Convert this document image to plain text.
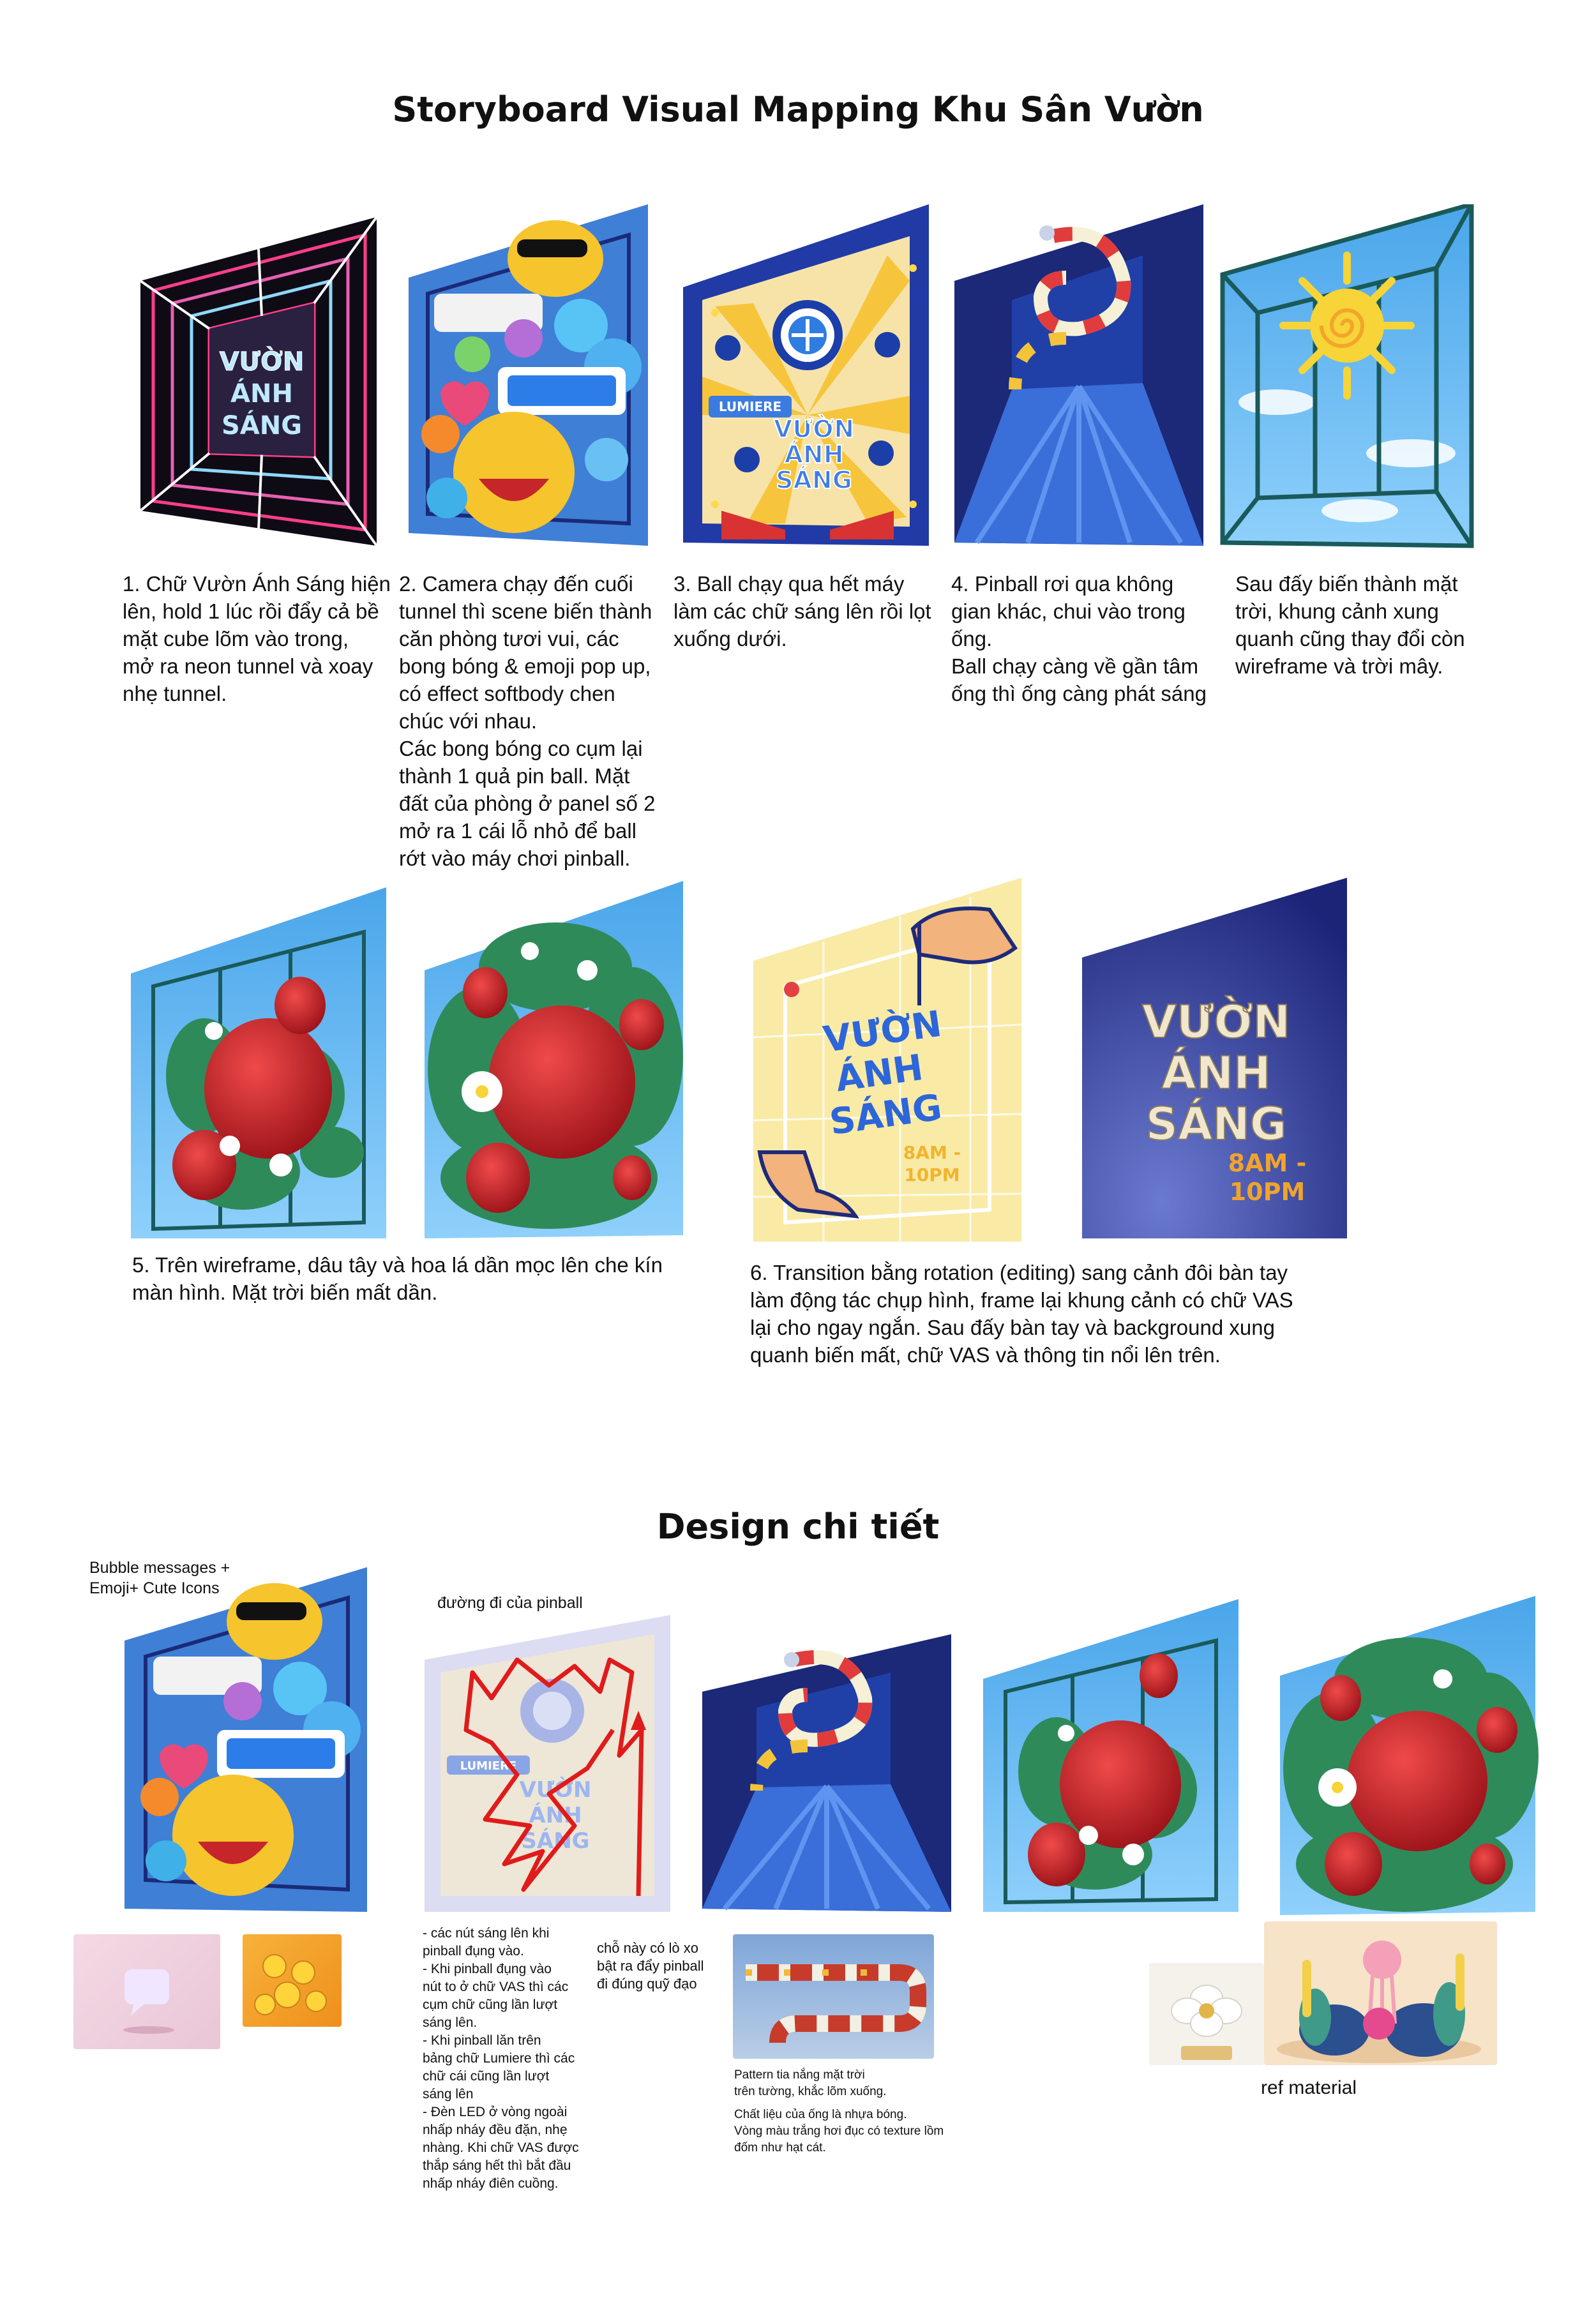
Storyboard Visual Mapping Khu Sân Vườn
VƯỜN
ÁNH
SÁNG
LUMIERE
VƯỜN
ÁNH
SÁNG
1. Chữ Vườn Ánh Sáng hiện
lên, hold 1 lúc rồi đẩy cả bề
mặt cube lõm vào trong,
mở ra neon tunnel và xoay
nhẹ tunnel.
2. Camera chạy đến cuối
tunnel thì scene biến thành
căn phòng tươi vui, các
bong bóng & emoji pop up,
có effect softbody chen
chúc với nhau.
Các bong bóng co cụm lại
thành 1 quả pin ball. Mặt
đất của phòng ở panel số 2
mở ra 1 cái lỗ nhỏ để ball
rớt vào máy chơi pinball.
3. Ball chạy qua hết máy
làm các chữ sáng lên rồi lọt
xuống dưới.
4. Pinball rơi qua không
gian khác, chui vào trong
ống.
Ball chạy càng về gần tâm
ống thì ống càng phát sáng
Sau đấy biến thành mặt
trời, khung cảnh xung
quanh cũng thay đổi còn
wireframe và trời mây.
VƯỜN
ÁNH
SÁNG
8AM -
10PM
VƯỜN
ÁNH
SÁNG
8AM -
10PM
5. Trên wireframe, dâu tây và hoa lá dần mọc lên che kín
màn hình. Mặt trời biến mất dần.
6. Transition bằng rotation (editing) sang cảnh đôi bàn tay
làm động tác chụp hình, frame lại khung cảnh có chữ VAS
lại cho ngay ngắn. Sau đấy bàn tay và background xung
quanh biến mất, chữ VAS và thông tin nổi lên trên.
Design chi tiết
Bubble messages +
Emoji+ Cute Icons
đường đi của pinball
LUMIERE
VƯỜN
ÁNH
SÁNG
- các nút sáng lên khi
pinball đụng vào.
- Khi pinball đụng vào
nút to ở chữ VAS thì các
cụm chữ cũng lần lượt
sáng lên.
- Khi pinball lăn trên
bảng chữ Lumiere thì các
chữ cái cũng lần lượt
sáng lên
- Đèn LED ở vòng ngoài
nhấp nháy đều đặn, nhẹ
nhàng. Khi chữ VAS được
thắp sáng hết thì bắt đầu
nhấp nháy điên cuồng.
chỗ này có lò xo
bật ra đẩy pinball
đi đúng quỹ đạo
Pattern tia nắng mặt trời
trên tường, khắc lõm xuống.
Chất liệu của ống là nhựa bóng.
Vòng màu trắng hơi đục có texture lồm
đốm như hạt cát.
ref material
